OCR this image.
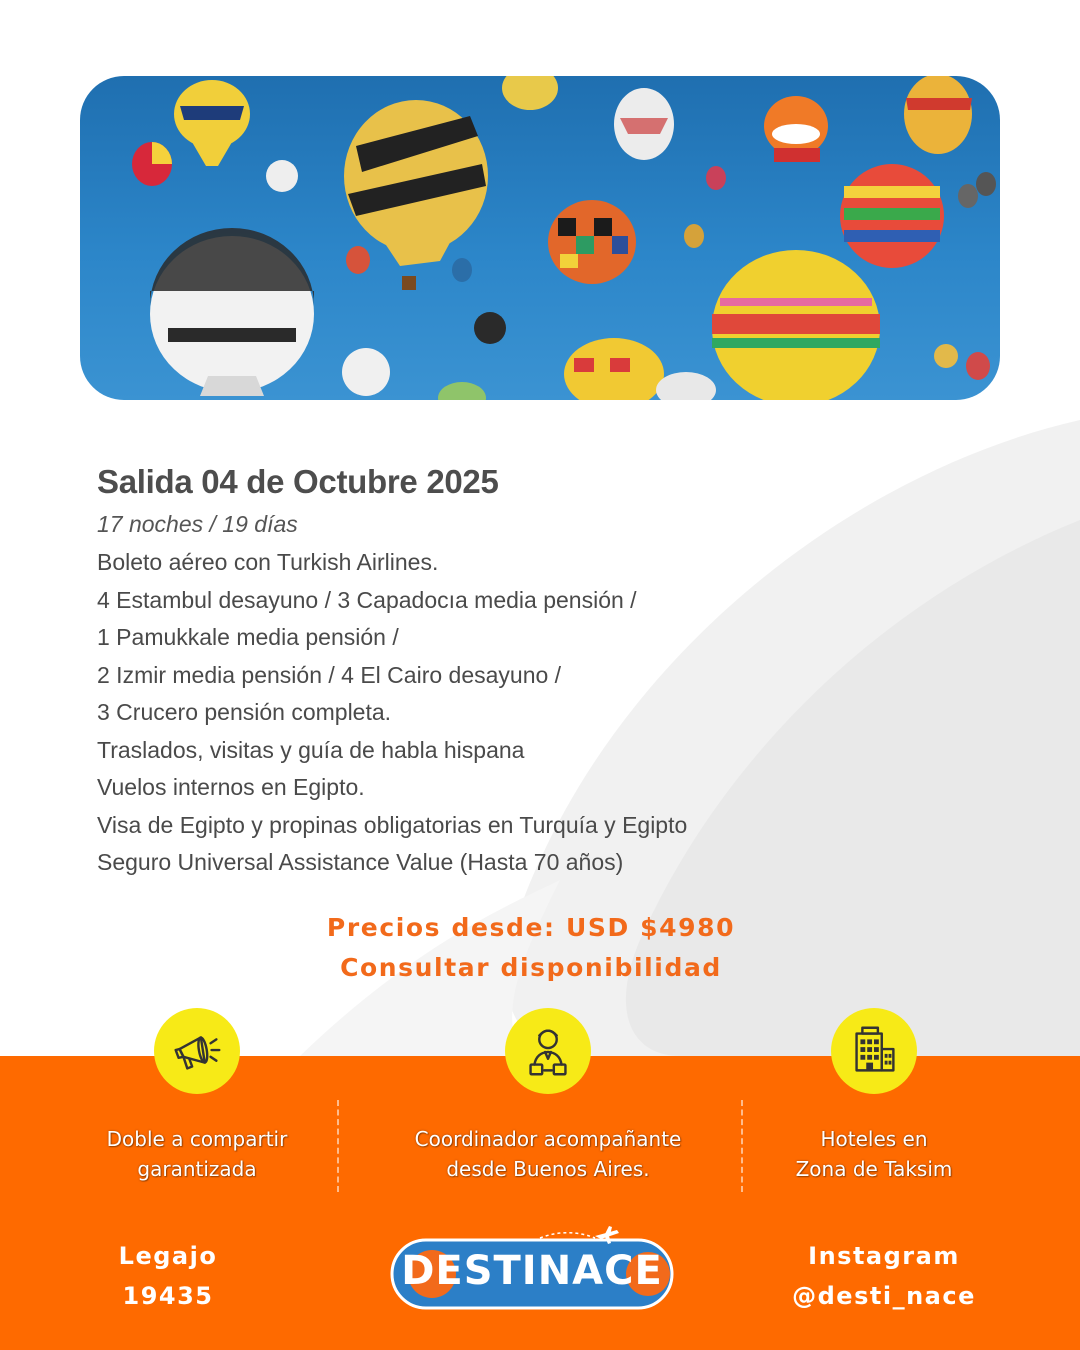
Salida 04 de Octubre 2025
17 noches / 19 días
Boleto aéreo con Turkish Airlines.
4 Estambul desayuno / 3 Capadocıa media pensión /
1 Pamukkale media pensión /
2 Izmir media pensión / 4 El Cairo desayuno /
3 Crucero pensión completa.
Traslados, visitas y guía de habla hispana
Vuelos internos en Egipto.
Visa de Egipto y propinas obligatorias en Turquía y Egipto
Seguro Universal Assistance Value (Hasta 70 años)
Precios desde: USD $4980
Consultar disponibilidad
Doble a compartir
garantizada
Coordinador acompañante
desde Buenos Aires.
Hoteles en
Zona de Taksim
Legajo
19435
DESTINACE	Instagram
@desti_nace
